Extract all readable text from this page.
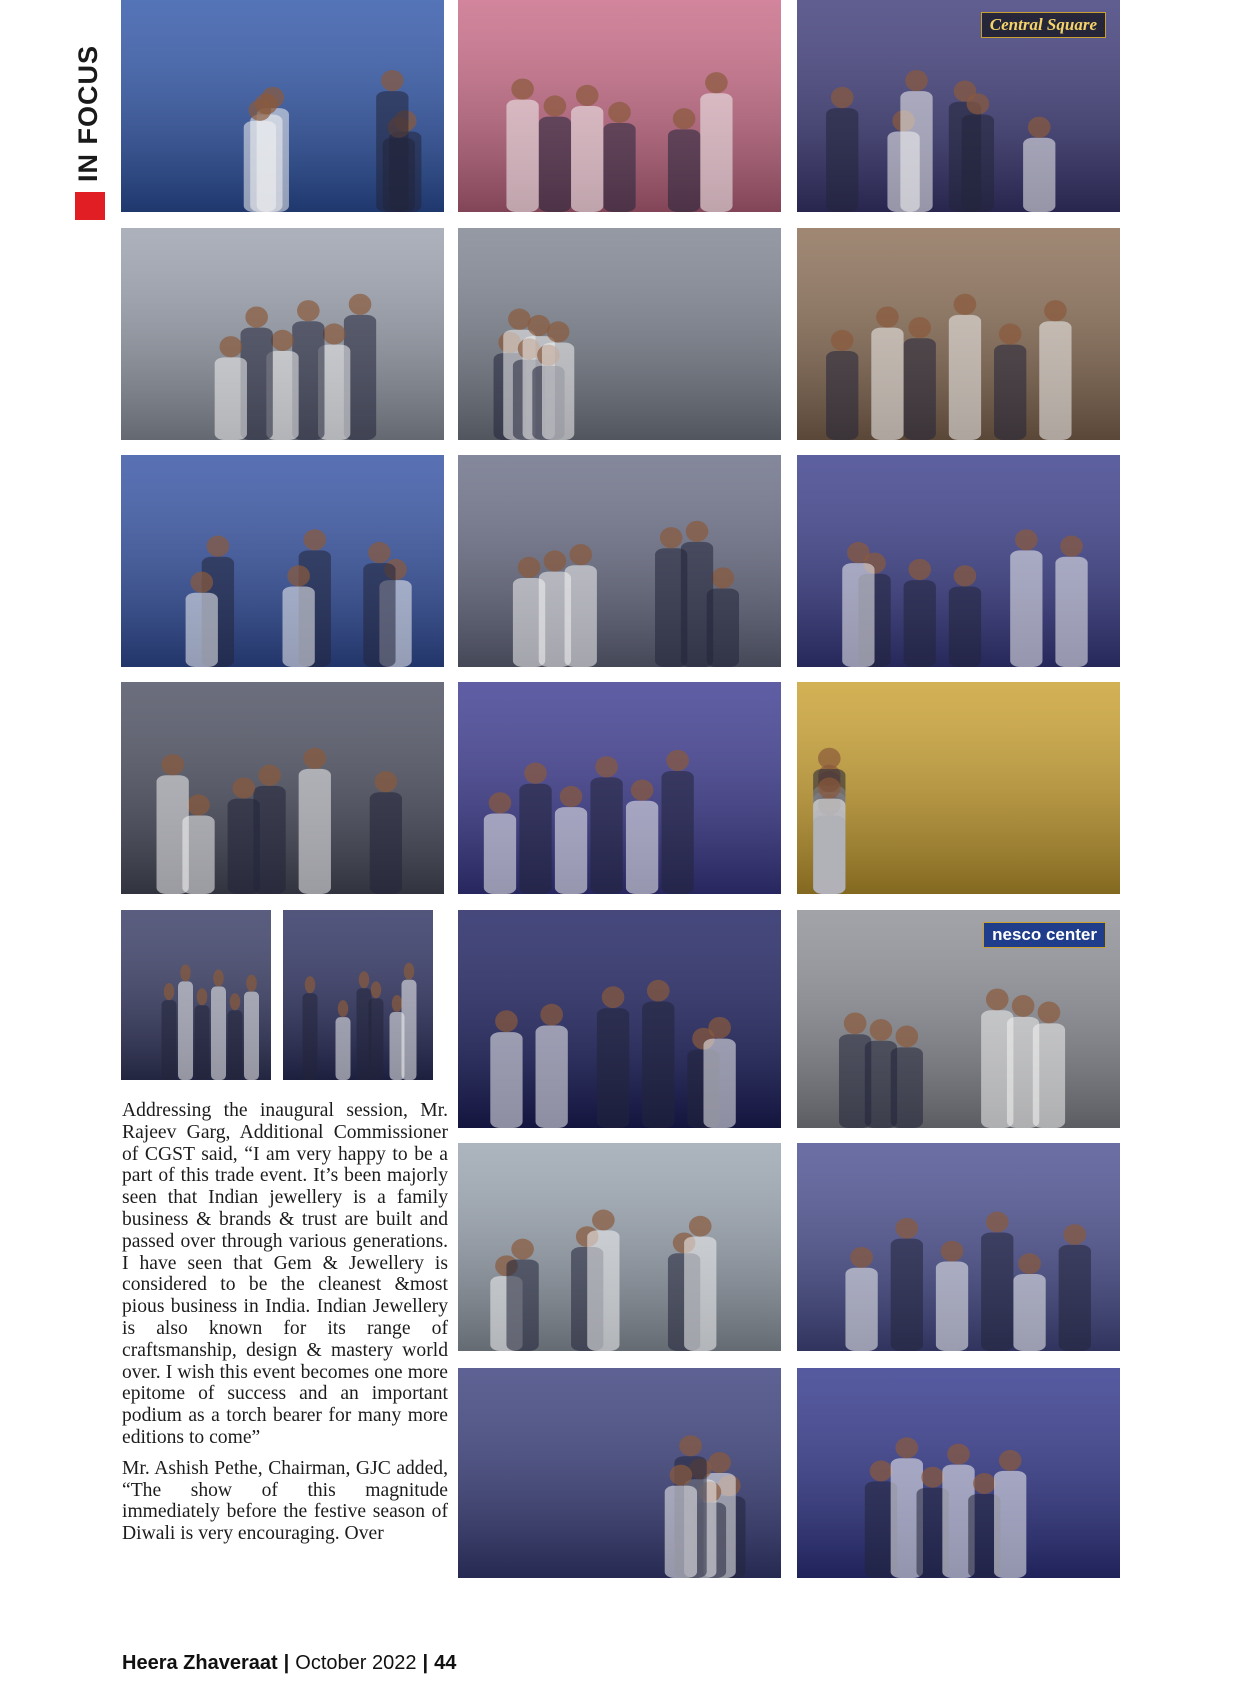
IN FOCUS
Central Square
nesco center

Addressing the inaugural session, Mr. Rajeev Garg, Additional Commissioner of CGST said, “I am very happy to be a part of this trade event. It’s been majorly seen that Indian jewellery is a family business & brands & trust are built and passed over through various generations. I have seen that Gem & Jewellery is considered to be the cleanest &most pious business in India. Indian Jewellery is also known for its range of craftsmanship, design & mastery world over. I wish this event becomes one more epitome of success and an important podium as a torch bearer for many more editions to come”

Mr. Ashish Pethe, Chairman, GJC added, “The show of this magnitude immediately before the festive season of Diwali is very encouraging. Over

Heera Zhaveraat | October 2022 | 44
